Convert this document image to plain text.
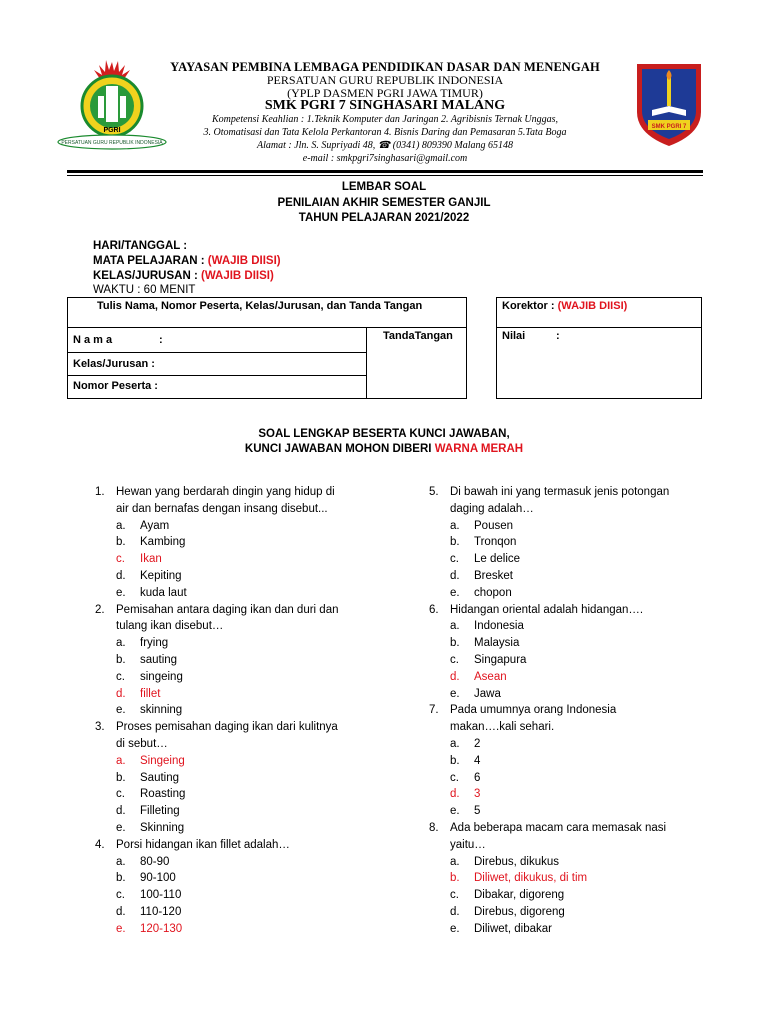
PERSATUAN GURU REPUBLIK INDONESIA
PGRI	SMK PGRI 7
YAYASAN PEMBINA LEMBAGA PENDIDIKAN DASAR DAN MENENGAH
PERSATUAN GURU REPUBLIK INDONESIA
(YPLP DASMEN PGRI JAWA TIMUR)
SMK PGRI 7 SINGHASARI MALANG
Kompetensi Keahlian : 1.Teknik Komputer dan Jaringan 2. Agribisnis Ternak Unggas,
3. Otomatisasi dan Tata Kelola Perkantoran 4. Bisnis Daring dan Pemasaran 5.Tata Boga
Alamat : Jln. S. Supriyadi 48, ☎ (0341) 809390 Malang 65148
e-mail : smkpgri7singhasari@gmail.com
LEMBAR SOAL
PENILAIAN AKHIR SEMESTER GANJIL
TAHUN PELAJARAN 2021/2022
HARI/TANGGAL :
MATA PELAJARAN : (WAJIB DIISI)
KELAS/JURUSAN : (WAJIB DIISI)
WAKTU : 60 MENIT
Tulis Nama, Nomor Peserta, Kelas/Jurusan, dan Tanda Tangan
N a m a	:
Kelas/Jurusan :
Nomor Peserta :
TandaTangan
Korektor : (WAJIB DIISI)
Nilai	:
SOAL LENGKAP BESERTA KUNCI JAWABAN,
KUNCI JAWABAN MOHON DIBERI WARNA MERAH
1. Hewan yang berdarah dingin yang hidup di
air dan bernafas dengan insang disebut...
a. Ayam
b. Kambing
c. Ikan
d. Kepiting
e. kuda laut
2. Pemisahan antara daging ikan dan duri dan
tulang ikan disebut…
a. frying
b. sauting
c. singeing
d. fillet
e. skinning
3. Proses pemisahan daging ikan dari kulitnya
di sebut…
a. Singeing
b. Sauting
c. Roasting
d. Filleting
e. Skinning
4. Porsi hidangan ikan fillet adalah…
a. 80-90
b. 90-100
c. 100-110
d. 110-120
e. 120-130
5. Di bawah ini yang termasuk jenis potongan
daging adalah…
a. Pousen
b. Tronqon
c. Le delice
d. Bresket
e. chopon
6. Hidangan oriental adalah hidangan….
a. Indonesia
b. Malaysia
c. Singapura
d. Asean
e. Jawa
7. Pada umumnya orang Indonesia
makan….kali sehari.
a. 2
b. 4
c. 6
d. 3
e. 5
8. Ada beberapa macam cara memasak nasi
yaitu…
a. Direbus, dikukus
b. Diliwet, dikukus, di tim
c. Dibakar, digoreng
d. Direbus, digoreng
e. Diliwet, dibakar
